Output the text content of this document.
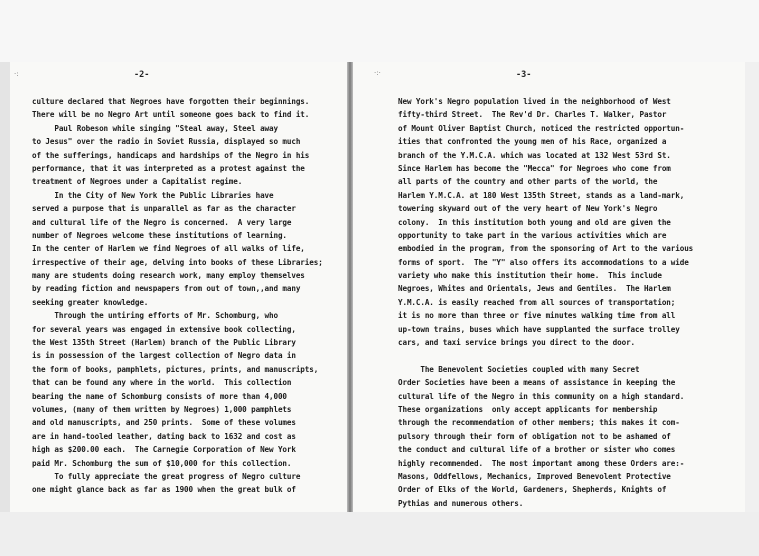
·:	-2-
culture declared that Negroes have forgotten their beginnings.
There will be no Negro Art until someone goes back to find it.
Paul Robeson while singing "Steal away, Steel away
to Jesus" over the radio in Soviet Russia, displayed so much
of the sufferings, handicaps and hardships of the Negro in his
performance, that it was interpreted as a protest against the
treatment of Negroes under a Capitalist regime.
In the City of New York the Public Libraries have
served a purpose that is unparallel as far as the character
and cultural life of the Negro is concerned.  A very large
number of Negroes welcome these institutions of learning.
In the center of Harlem we find Negroes of all walks of life,
irrespective of their age, delving into books of these Libraries;
many are students doing research work, many employ themselves
by reading fiction and newspapers from out of town,,and many
seeking greater knowledge.
Through the untiring efforts of Mr. Schomburg, who
for several years was engaged in extensive book collecting,
the West 135th Street (Harlem) branch of the Public Library
is in possession of the largest collection of Negro data in
the form of books, pamphlets, pictures, prints, and manuscripts,
that can be found any where in the world.  This collection
bearing the name of Schomburg consists of more than 4,000
volumes, (many of them written by Negroes) 1,000 pamphlets
and old manuscripts, and 250 prints.  Some of these volumes
are in hand-tooled leather, dating back to 1632 and cost as
high as $200.00 each.  The Carnegie Corporation of New York
paid Mr. Schomburg the sum of $10,000 for this collection.
To fully appreciate the great progress of Negro culture
one might glance back as far as 1900 when the great bulk of
·:·	-3-
New York's Negro population lived in the neighborhood of West
fifty-third Street.  The Rev'd Dr. Charles T. Walker, Pastor
of Mount Oliver Baptist Church, noticed the restricted opportun-
ities that confronted the young men of his Race, organized a
branch of the Y.M.C.A. which was located at 132 West 53rd St.
Since Harlem has become the "Mecca" for Negroes who come from
all parts of the country and other parts of the world, the
Harlem Y.M.C.A. at 180 West 135th Street, stands as a land-mark,
towering skyward out of the very heart of New York's Negro
colony.  In this institution both young and old are given the
opportunity to take part in the various activities which are
embodied in the program, from the sponsoring of Art to the various
forms of sport.  The "Y" also offers its accommodations to a wide
variety who make this institution their home.  This include
Negroes, Whites and Orientals, Jews and Gentiles.  The Harlem
Y.M.C.A. is easily reached from all sources of transportation;
it is no more than three or five minutes walking time from all
up-town trains, buses which have supplanted the surface trolley
cars, and taxi service brings you direct to the door.
The Benevolent Societies coupled with many Secret
Order Societies have been a means of assistance in keeping the
cultural life of the Negro in this community on a high standard.
These organizations  only accept applicants for membership
through the recommendation of other members; this makes it com-
pulsory through their form of obligation not to be ashamed of
the conduct and cultural life of a brother or sister who comes
highly recommended.  The most important among these Orders are:-
Masons, Oddfellows, Mechanics, Improved Benevolent Protective
Order of Elks of the World, Gardeners, Shepherds, Knights of
Pythias and numerous others.
